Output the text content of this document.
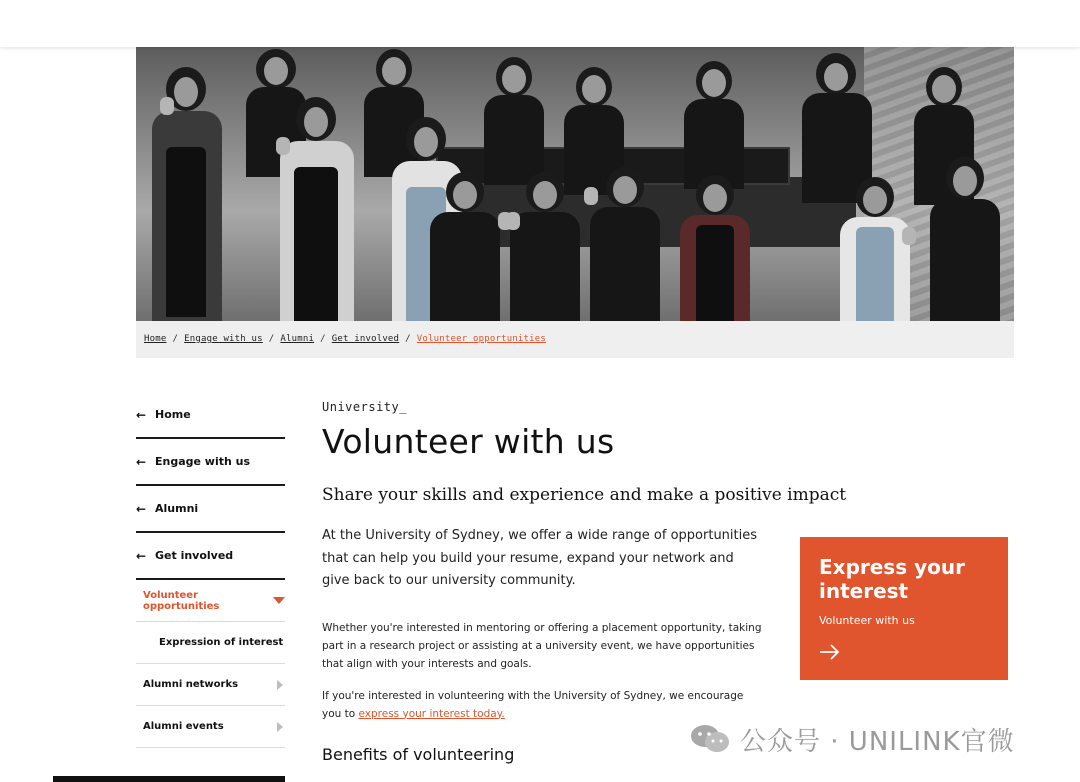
Home / Engage with us / Alumni / Get involved / Volunteer opportunities
← Home
← Engage with us
← Alumni
← Get involved
Volunteer opportunities
Expression of interest
Alumni networks
Alumni events
University_
Volunteer with us
Share your skills and experience and make a positive impact

At the University of Sydney, we offer a wide range of opportunities that can help you build your resume, expand your network and give back to our university community.

Whether you're interested in mentoring or offering a placement opportunity, taking part in a research project or assisting at a university event, we have opportunities that align with your interests and goals.

If you're interested in volunteering with the University of Sydney, we encourage you to express your interest today.

Benefits of volunteering
Express your interest
Volunteer with us
公众号 · UNILINK官微
